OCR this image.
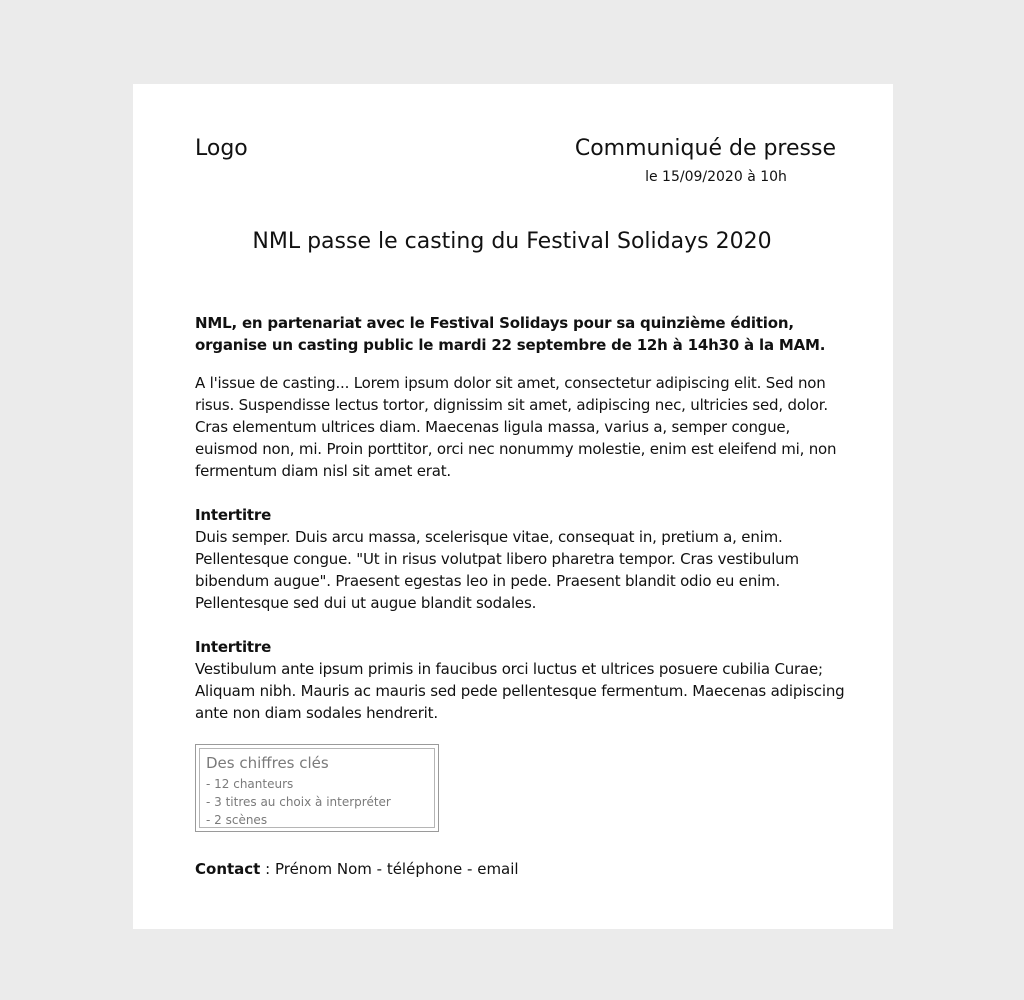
Logo	Communiqué de presse
le 15/09/2020 à 10h
NML passe le casting du Festival Solidays 2020

NML, en partenariat avec le Festival Solidays pour sa quinzième édition, organise un casting public le mardi 22 septembre de 12h à 14h30 à la MAM.

A l'issue de casting... Lorem ipsum dolor sit amet, consectetur adipiscing elit. Sed non risus. Suspendisse lectus tortor, dignissim sit amet, adipiscing nec, ultricies sed, dolor. Cras elementum ultrices diam. Maecenas ligula massa, varius a, semper congue, euismod non, mi. Proin porttitor, orci nec nonummy molestie, enim est eleifend mi, non fermentum diam nisl sit amet erat.

Intertitre
Duis semper. Duis arcu massa, scelerisque vitae, consequat in, pretium a, enim. Pellentesque congue. "Ut in risus volutpat libero pharetra tempor. Cras vestibulum bibendum augue". Praesent egestas leo in pede. Praesent blandit odio eu enim. Pellentesque sed dui ut augue blandit sodales.

Intertitre
Vestibulum ante ipsum primis in faucibus orci luctus et ultrices posuere cubilia Curae; Aliquam nibh. Mauris ac mauris sed pede pellentesque fermentum. Maecenas adipiscing ante non diam sodales hendrerit.

Des chiffres clés
- 12 chanteurs
- 3 titres au choix à interpréter
- 2 scènes
Contact : Prénom Nom - téléphone - email
